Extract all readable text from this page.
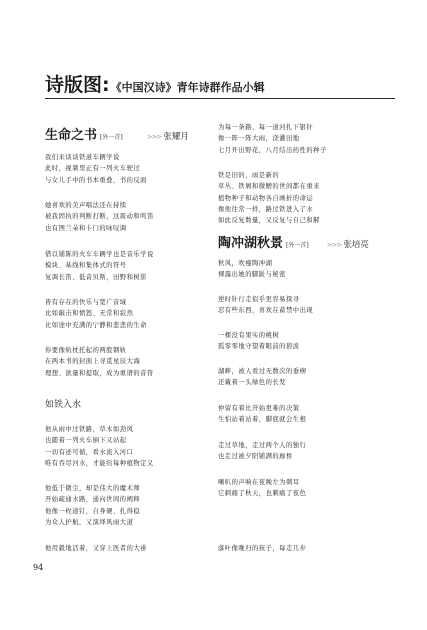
诗版图 : 《中国汉诗》青年诗群作品小辑
生命之书 [外一首]	>>> 张耀月
我们来谈谈铁道车辆学说
此时，视频里正有一列火车驶过
与女儿手中的书本重叠，书的反面
她喜欢的美声唱法还在持续
被我固执的判断打断，这震动和鸣笛
也有图兰朵和卡门的咏叹调
借以铺陈的火车车辆学也是音乐学说
模块、基线和集体式的符号
复调长笛、低音贝斯，田野和树影
皆有存在的快乐与宽广音域
比如敲击和愤怒、无常和寂然
比如途中充满的宁静和悲悲的生命
你要像轨枕托起的两股钢轨
在两本书的封面上寻觅星辰大海
理想、欲量和提取，成为重谱的音符
如铁入水
他从雨中过铁路，草木如劲风
也随着一列火车倒下又站起
一切有迹可循，看水流入河口
唯有吞尽河水，才能给每种植物定义
他低于微尘，却是伟大的魔术师
开始疏通水路，通向世间的阐释
他像一枚道钉，自身硬、扎得稳
为众人护航，又演绎风雨大道
他用毅地活着，又穿上医者的大褂
为每一条路、每一道河扎下银针
像一阵一阵大雨，浇灌田地
七月开出野花，八月结出药性的种子
铁是旧的，雨是新的
草丛、铁屑和微赠的世间都在重来
植物种子和动物各自画折的命运
像他往常一样，路过铁进入了水
如此反复数量，又反复与自己和解
陶冲湖秋景 [外一首]	>>> 张培亮
秋风，吹瘦陶冲湖
裸露出她的脚趾与秘密
逆时针行走似乎更容易探寻
忍有些东西，喜欢在蓄禁中出现
一棵没有果实的桃树
孤零零地守望着眼前的碧波
湖畔，被人看过无数次的垂柳
还戴着一头绿色的长发
仲留有着比开始更难的决策
生怕站着站着，脚底就会生根
走过草地，走过两个人的独行
也走过被夕阳铺满的廊桥
喇叭的声响在夜晚左为刺耳
它刺痛了秋天，也刺痛了夜色
落叶像晚归的孩子，每走几步
94
